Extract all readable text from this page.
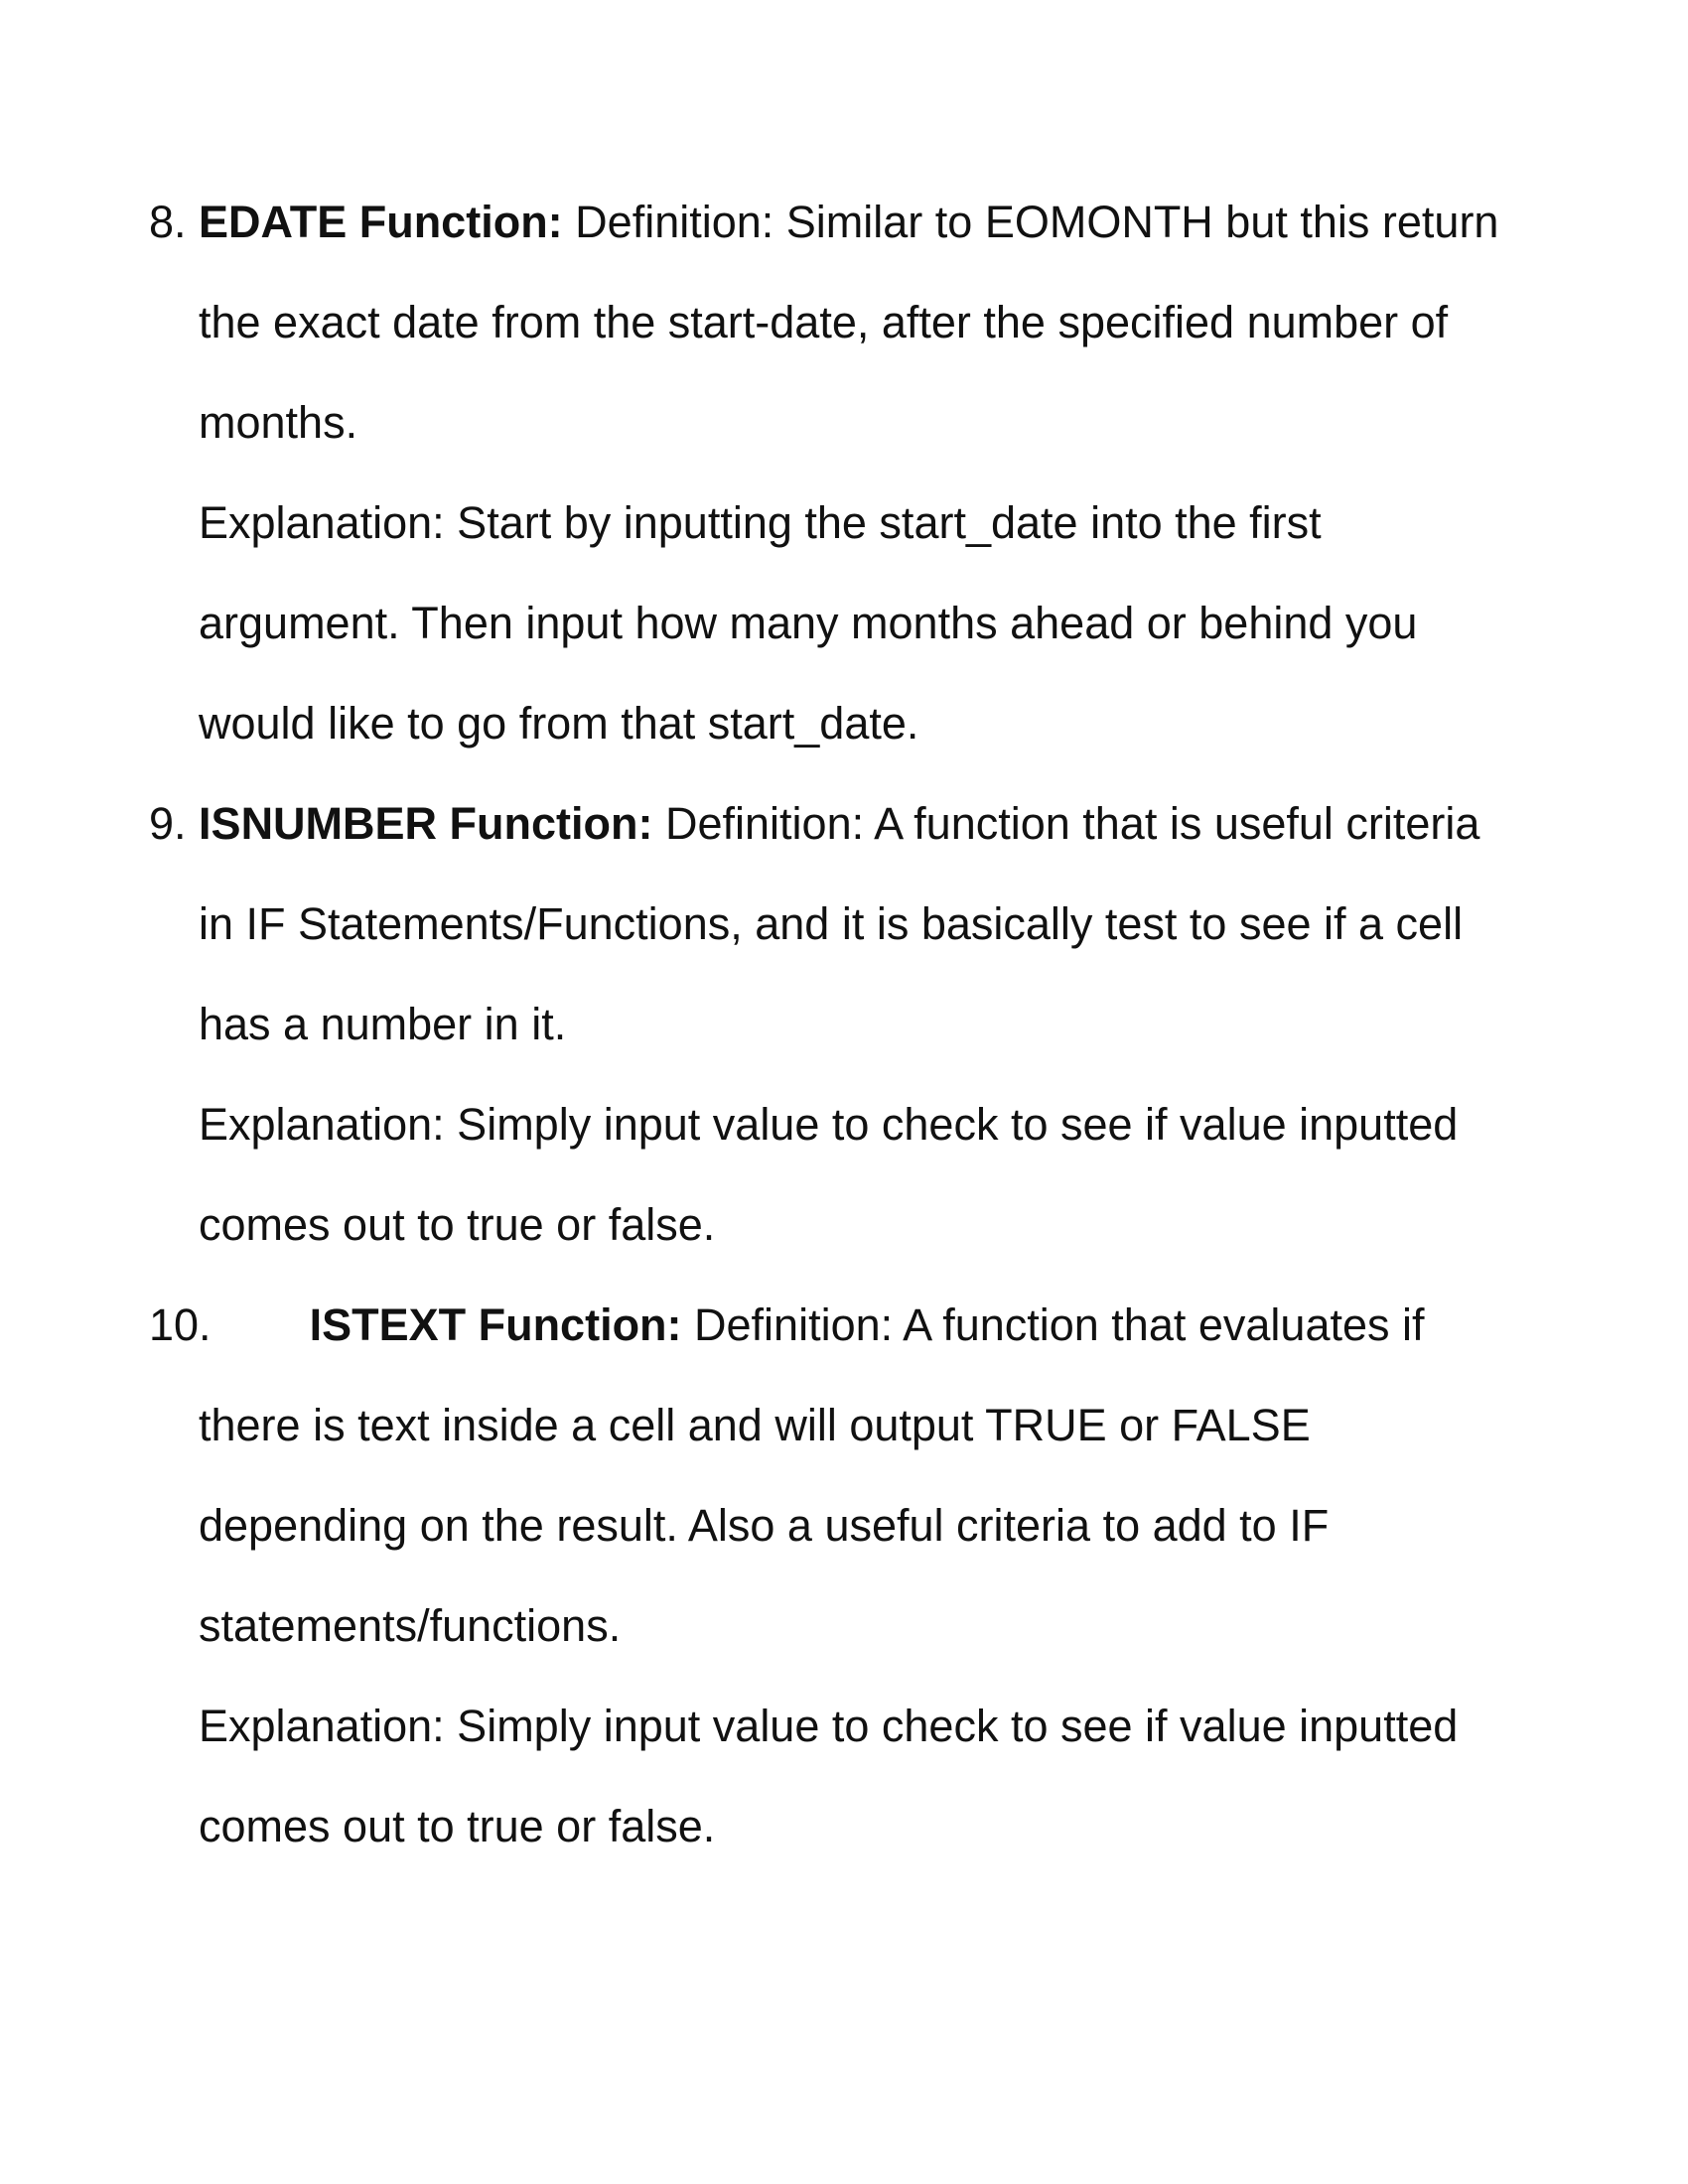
8. EDATE Function: Definition: Similar to EOMONTH but this return
the exact date from the start-date, after the specified number of
months.
Explanation: Start by inputting the start_date into the first
argument. Then input how many months ahead or behind you
would like to go from that start_date.
9. ISNUMBER Function: Definition: A function that is useful criteria
in IF Statements/Functions, and it is basically test to see if a cell
has a number in it.
Explanation: Simply input value to check to see if value inputted
comes out to true or false.
10. ISTEXT Function: Definition: A function that evaluates if
there is text inside a cell and will output TRUE or FALSE
depending on the result. Also a useful criteria to add to IF
statements/functions.
Explanation: Simply input value to check to see if value inputted
comes out to true or false.
